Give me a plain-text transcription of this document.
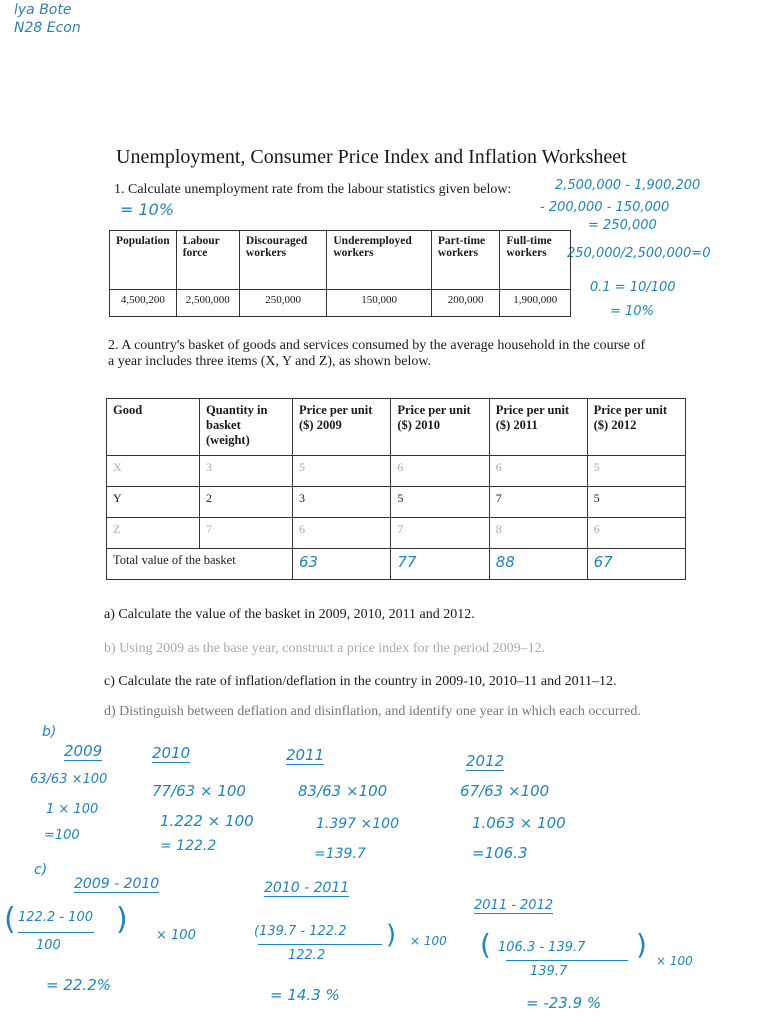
lya Bote
N28 Econ
Unemployment, Consumer Price Index and Inflation Worksheet
1. Calculate unemployment rate from the labour statistics given below:
= 10%
2,500,000 - 1,900,200
- 200,000 - 150,000
= 250,000
250,000/2,500,000=0
0.1 = 10/100
= 10%
Population	Labour force	Discouraged workers	Underemployed workers	Part-time workers	Full-time workers
4,500,200	2,500,000	250,000	150,000	200,000	1,900,000
2. A country's basket of goods and services consumed by the average household in the course of
a year includes three items (X, Y and Z), as shown below.
Good	Quantity in basket (weight)	Price per unit ($) 2009	Price per unit ($) 2010	Price per unit ($) 2011	Price per unit ($) 2012
X	3	5	6	6	5
Y	2	3	5	7	5
Z	7	6	7	8	6
Total value of the basket		63	77	88	67
a) Calculate the value of the basket in 2009, 2010, 2011 and 2012.
b) Using 2009 as the base year, construct a price index for the period 2009–12.
c) Calculate the rate of inflation/deflation in the country in 2009-10, 2010–11 and 2011–12.
d) Distinguish between deflation and disinflation, and identify one year in which each occurred.
b)
2009
63/63 ×100
1 × 100
=100
2010
77/63 × 100
1.222 × 100
= 122.2
2011
83/63 ×100
1.397 ×100
=139.7
2012
67/63 ×100
1.063 × 100
=106.3
c)
2009 - 2010
( 122.2 - 100
100
) × 100
= 22.2%
2010 - 2011
(139.7 - 122.2
122.2
) × 100
= 14.3 %
2011 - 2012
( 106.3 - 139.7
139.7
) × 100
= -23.9 %
